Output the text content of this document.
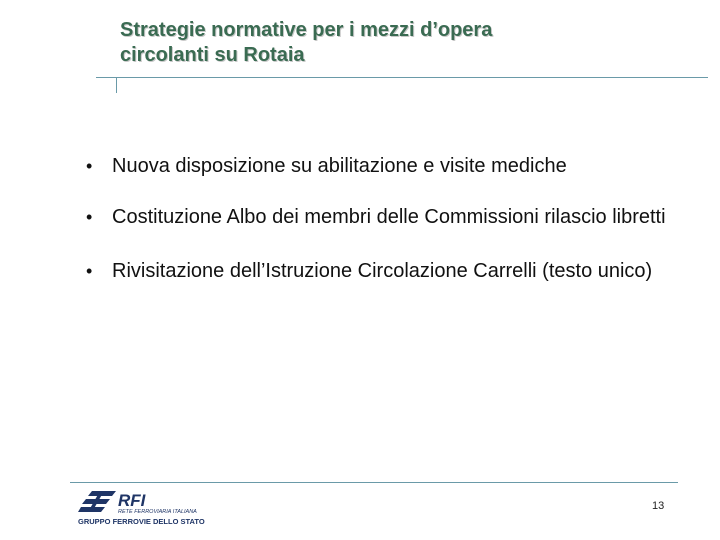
Strategie normative per i mezzi d’opera
circolanti su Rotaia
• Nuova disposizione su abilitazione e visite mediche
• Costituzione Albo dei membri delle Commissioni rilascio libretti
• Rivisitazione dell’Istruzione Circolazione Carrelli (testo unico)
RFI
RETE FERROVIARIA ITALIANA
GRUPPO FERROVIE DELLO STATO
13
